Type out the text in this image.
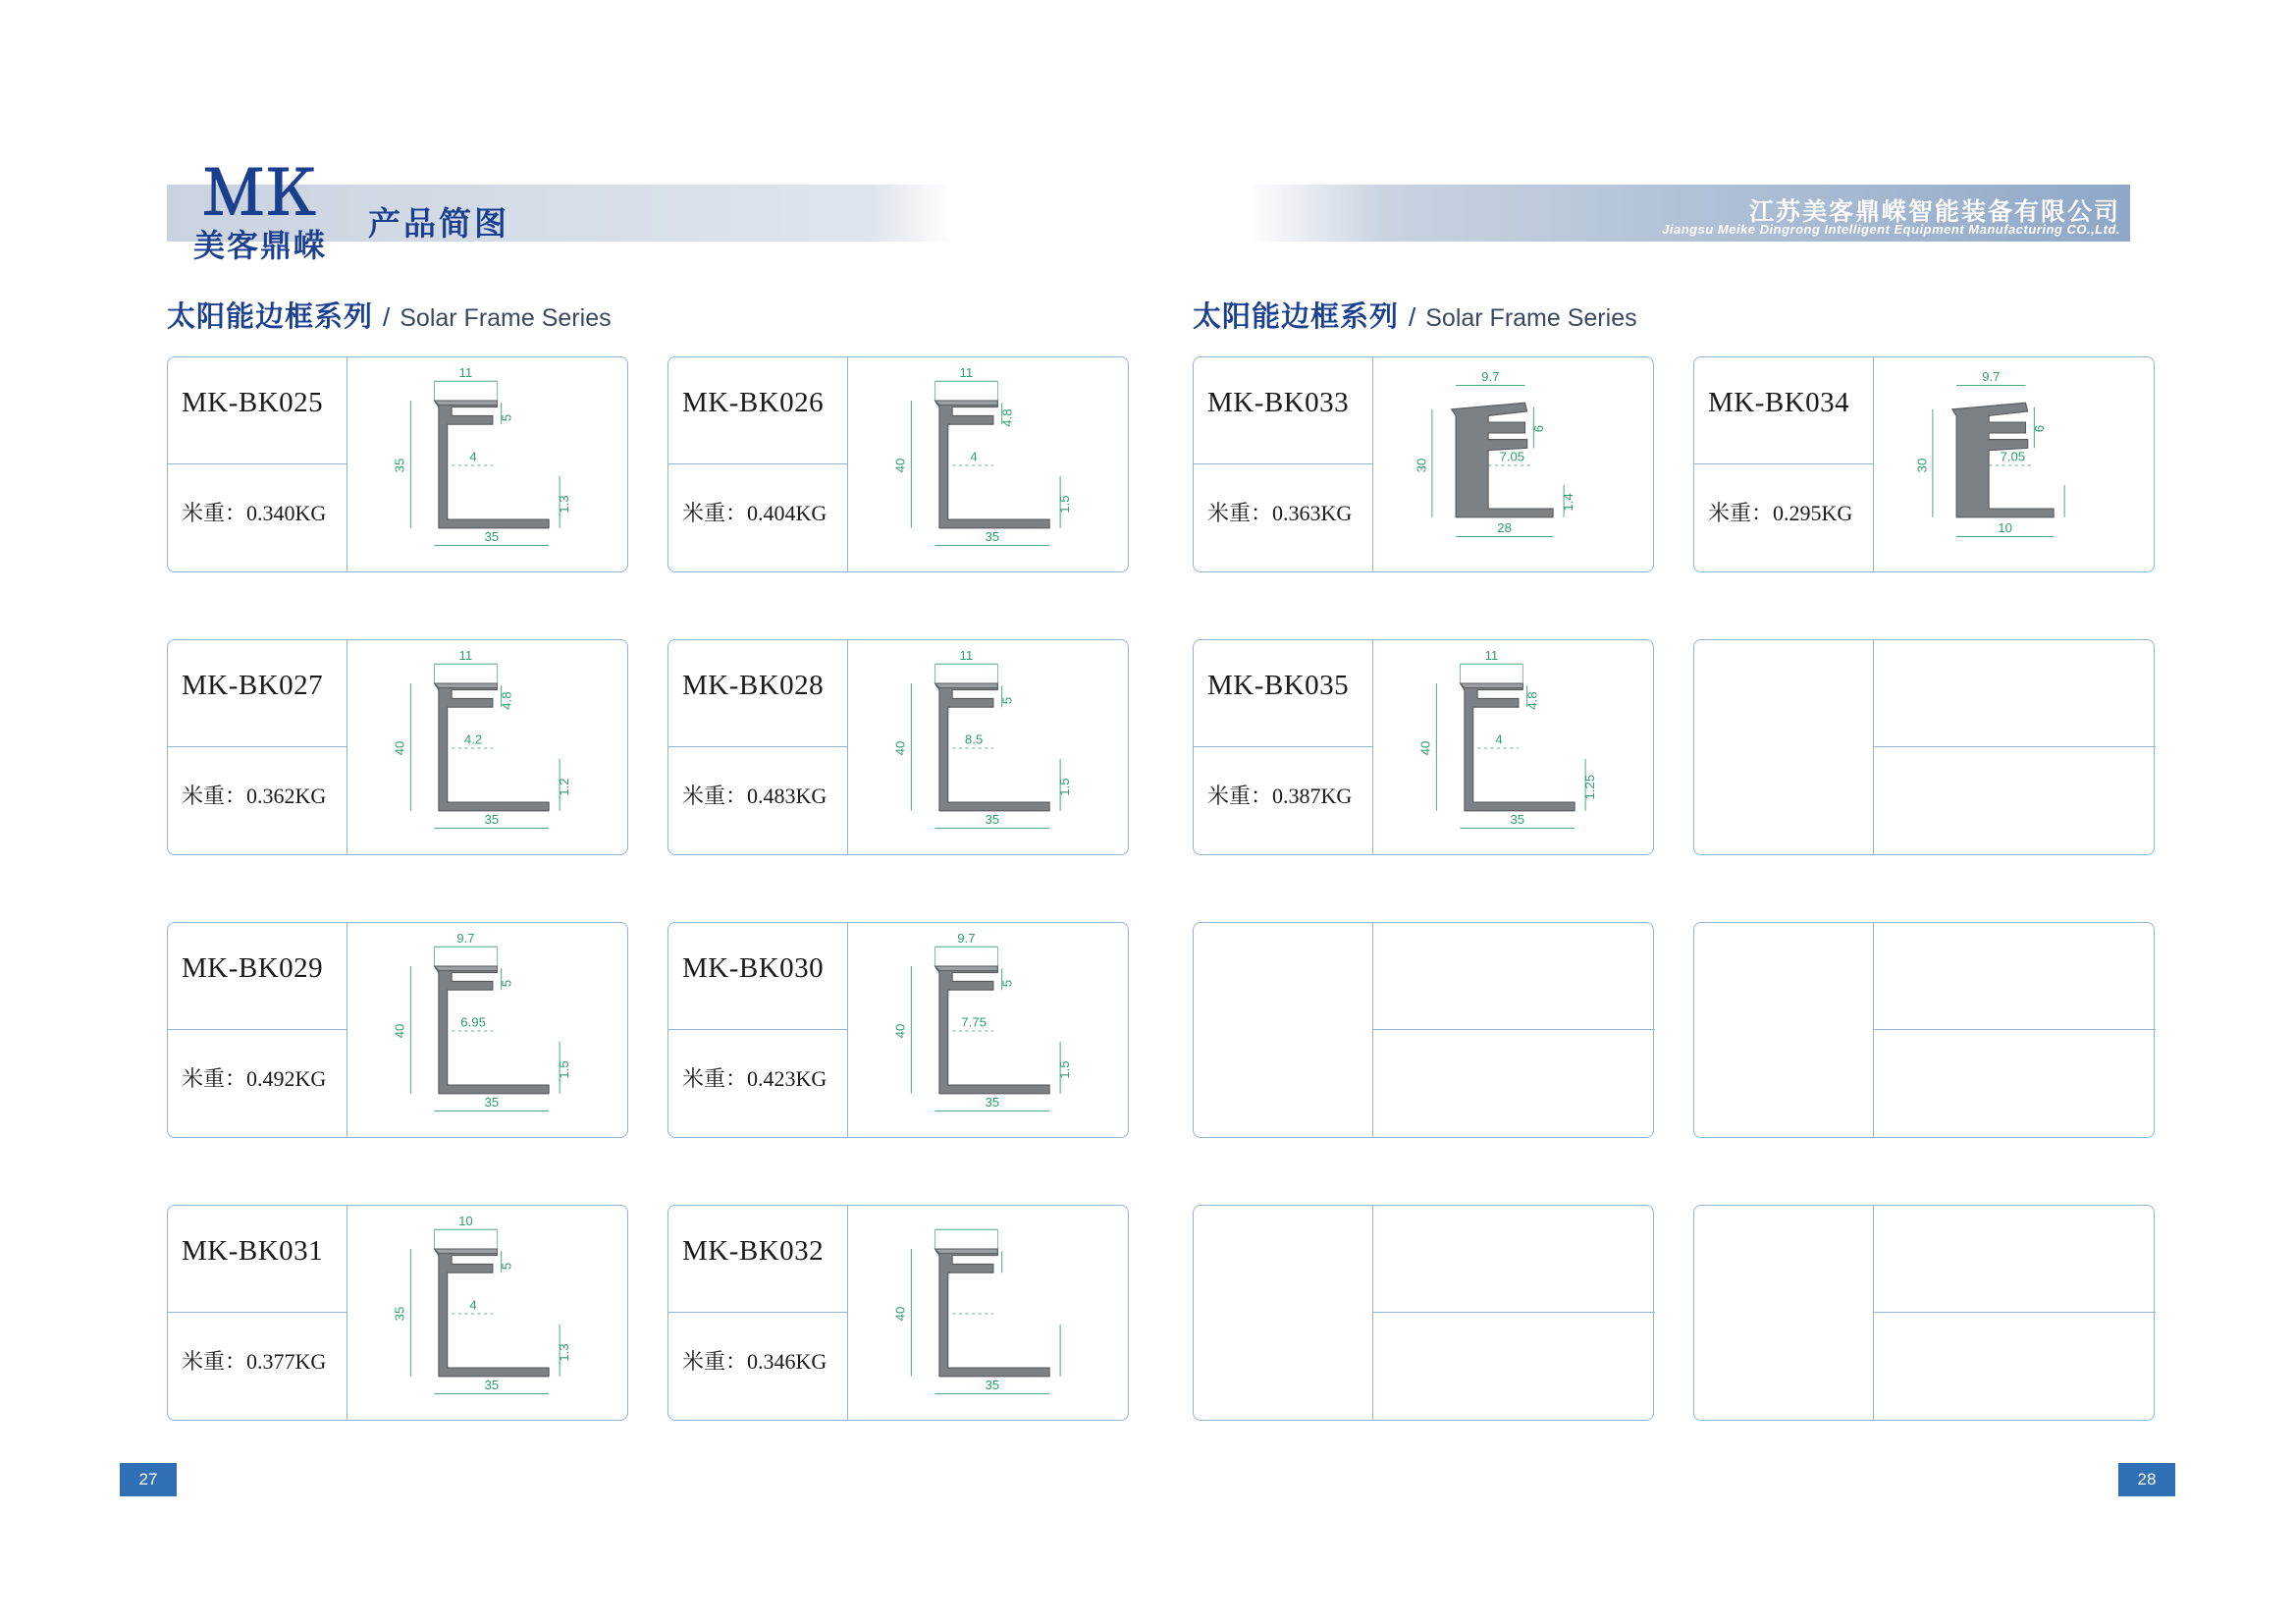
ＭＫ
美客鼎嵘
产品简图	江苏美客鼎嵘智能装备有限公司
Jiangsu Meike Dingrong Intelligent Equipment Manufacturing CO.,Ltd.
太阳能边框系列 / Solar Frame Series
MK-BK025
米重：0.340KG
11
5
35
4
1.3
35
MK-BK026
米重：0.404KG
11
4.8
40
4
1.5
35
MK-BK027
米重：0.362KG
11
4.8
40
4.2
1.2
35
MK-BK028
米重：0.483KG
11
5
40
8.5
1.5
35
MK-BK029
米重：0.492KG
9.7
5
40
6.95
1.5
35
MK-BK030
米重：0.423KG
9.7
5
40
7.75
1.5
35
MK-BK031
米重：0.377KG
10
5
35
4
1.3
35
MK-BK032
米重：0.346KG
40
35
太阳能边框系列 / Solar Frame Series
MK-BK033
米重：0.363KG
9.7
6
30
7.05
1.4
28
MK-BK034
米重：0.295KG
9.7
6
30
7.05
10
MK-BK035
米重：0.387KG
11
4.8
40
4
1.25
35
27	28
